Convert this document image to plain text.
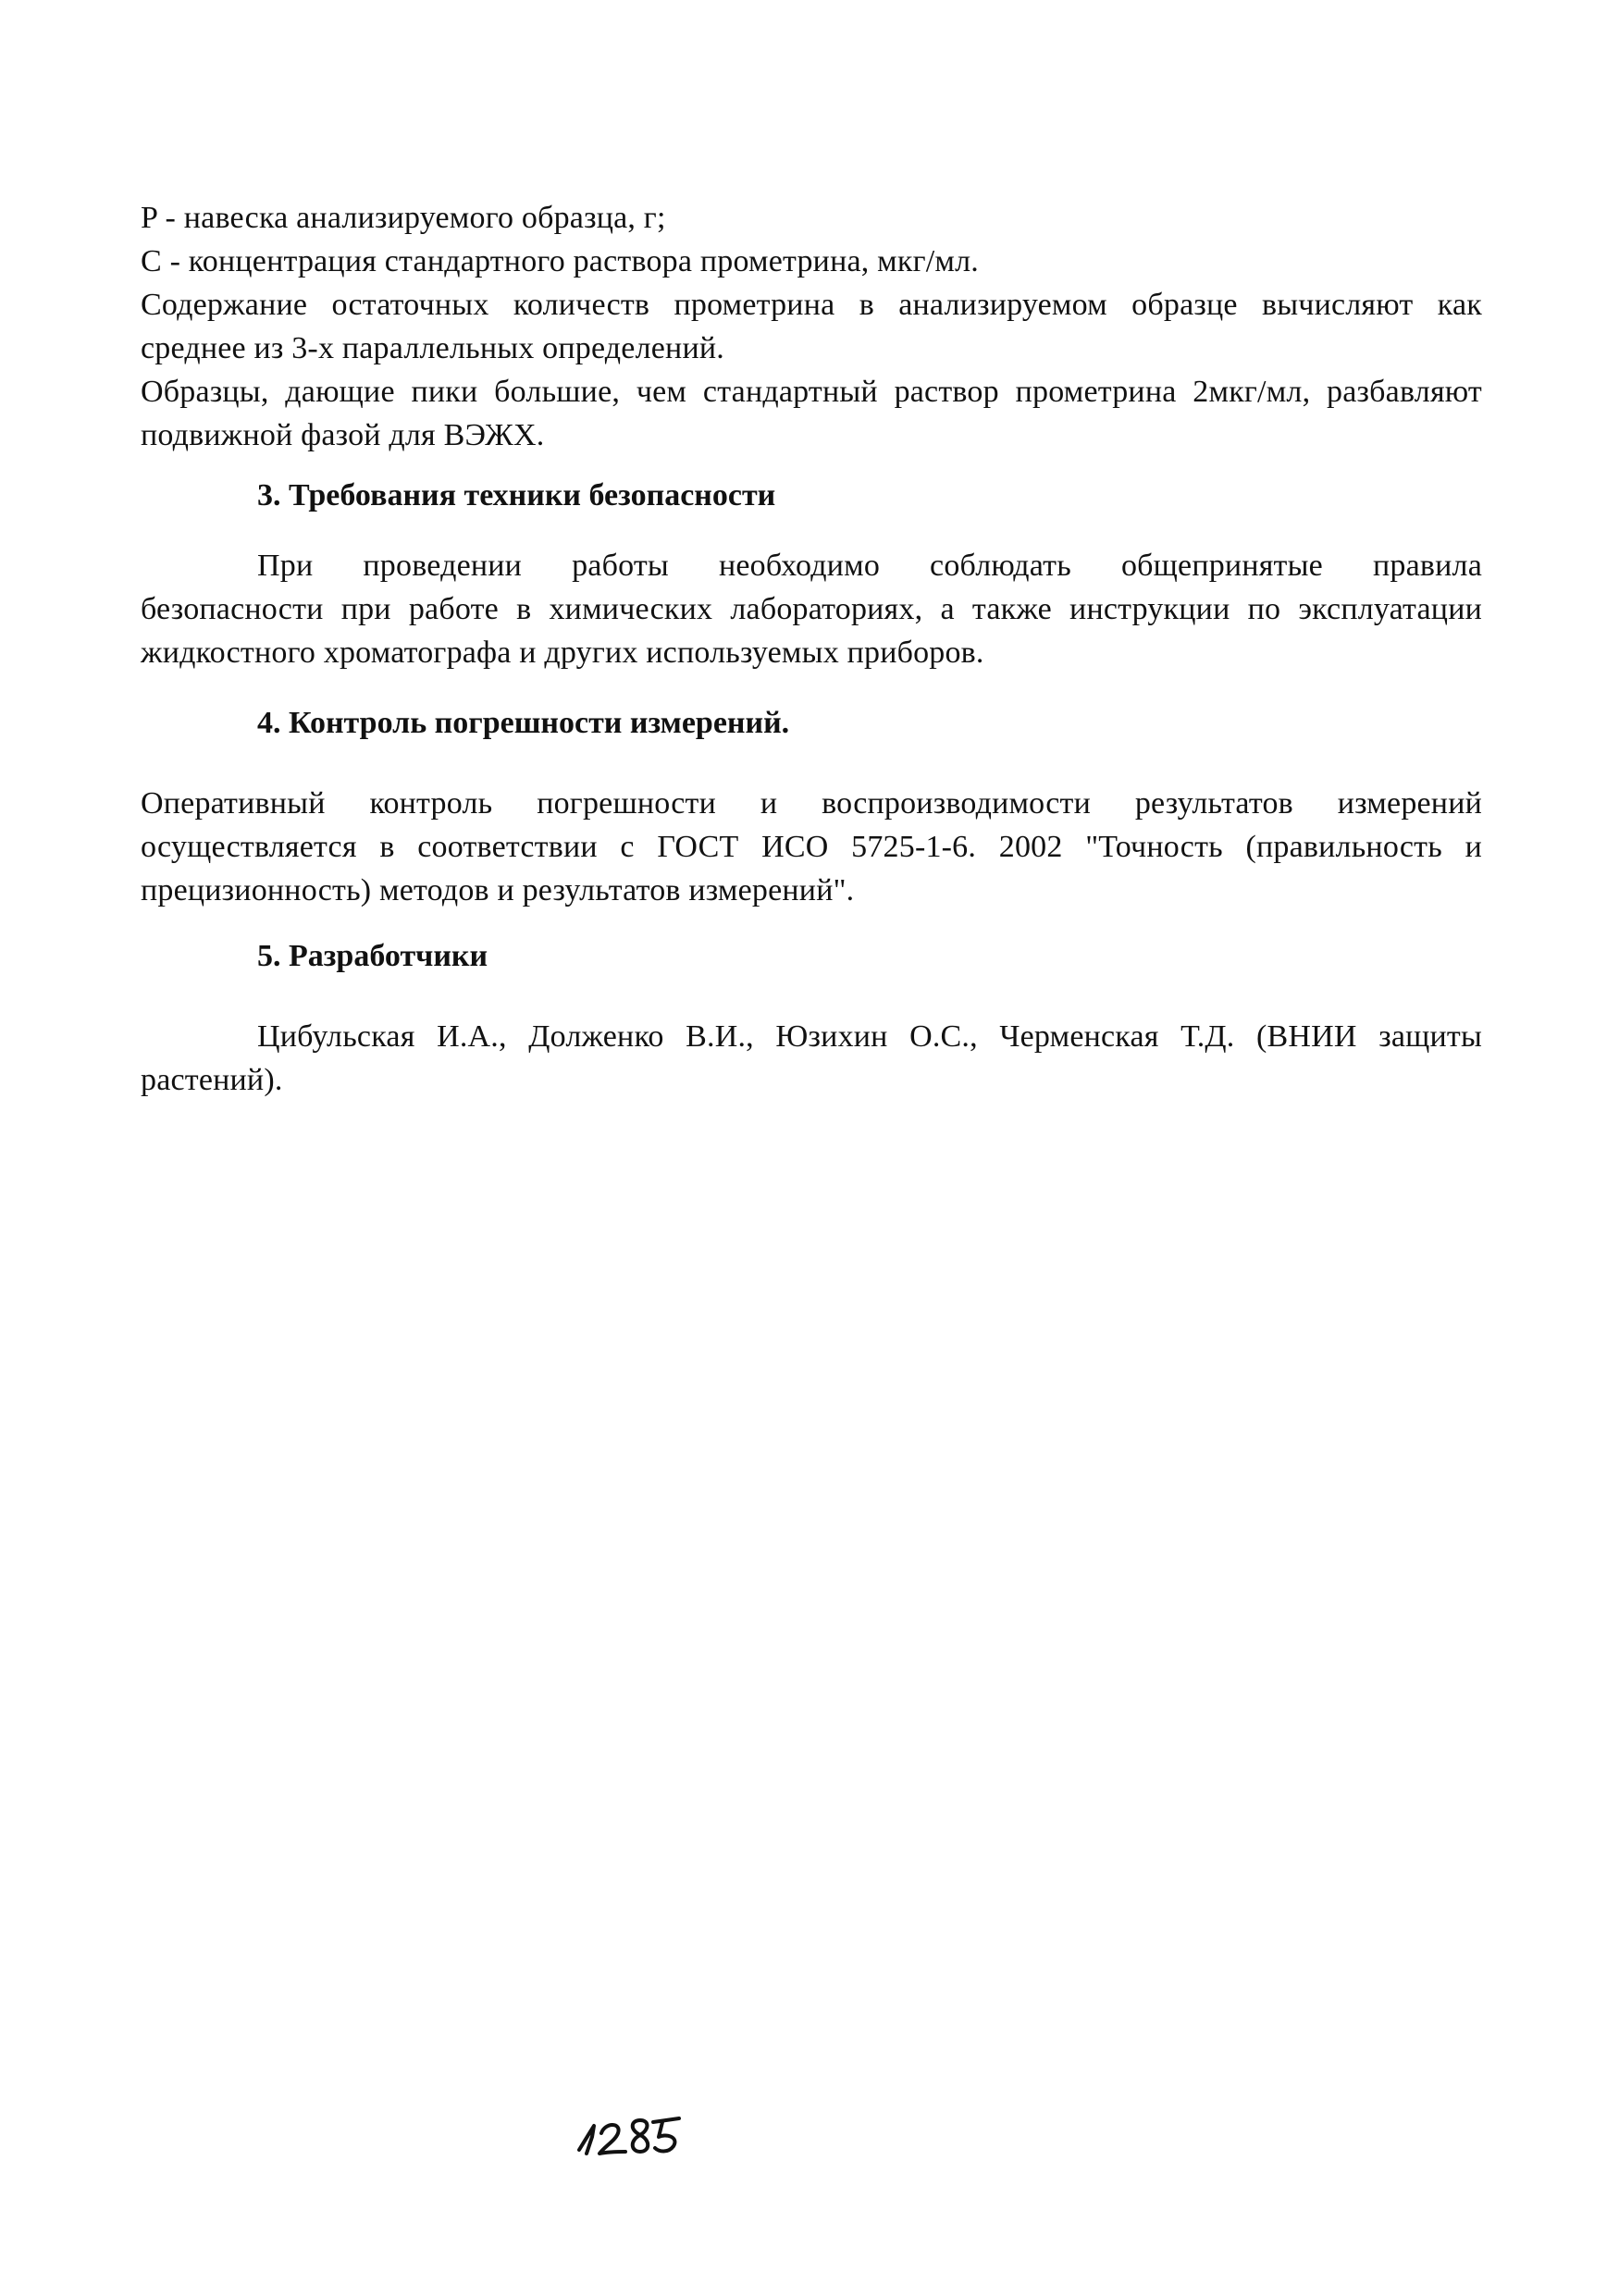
P - навеска анализируемого образца, г;
С - концентрация стандартного раствора прометрина, мкг/мл.
Содержание остаточных количеств прометрина в анализируемом образце вычисляют как
среднее из 3-х параллельных определений.
Образцы, дающие пики большие, чем стандартный раствор прометрина 2мкг/мл, разбавляют
подвижной фазой для ВЭЖХ.
3. Требования техники безопасности
При проведении работы необходимо соблюдать общепринятые правила
безопасности при работе в химических лабораториях, а также инструкции по эксплуатации
жидкостного хроматографа и других используемых приборов.
4. Контроль погрешности измерений.
Оперативный контроль погрешности и воспроизводимости результатов измерений
осуществляется в соответствии с ГОСТ ИСО 5725-1-6. 2002 "Точность (правильность и
прецизионность) методов и результатов измерений".
5. Разработчики
Цибульская И.А., Долженко В.И., Юзихин О.С., Черменская Т.Д. (ВНИИ защиты
растений).
